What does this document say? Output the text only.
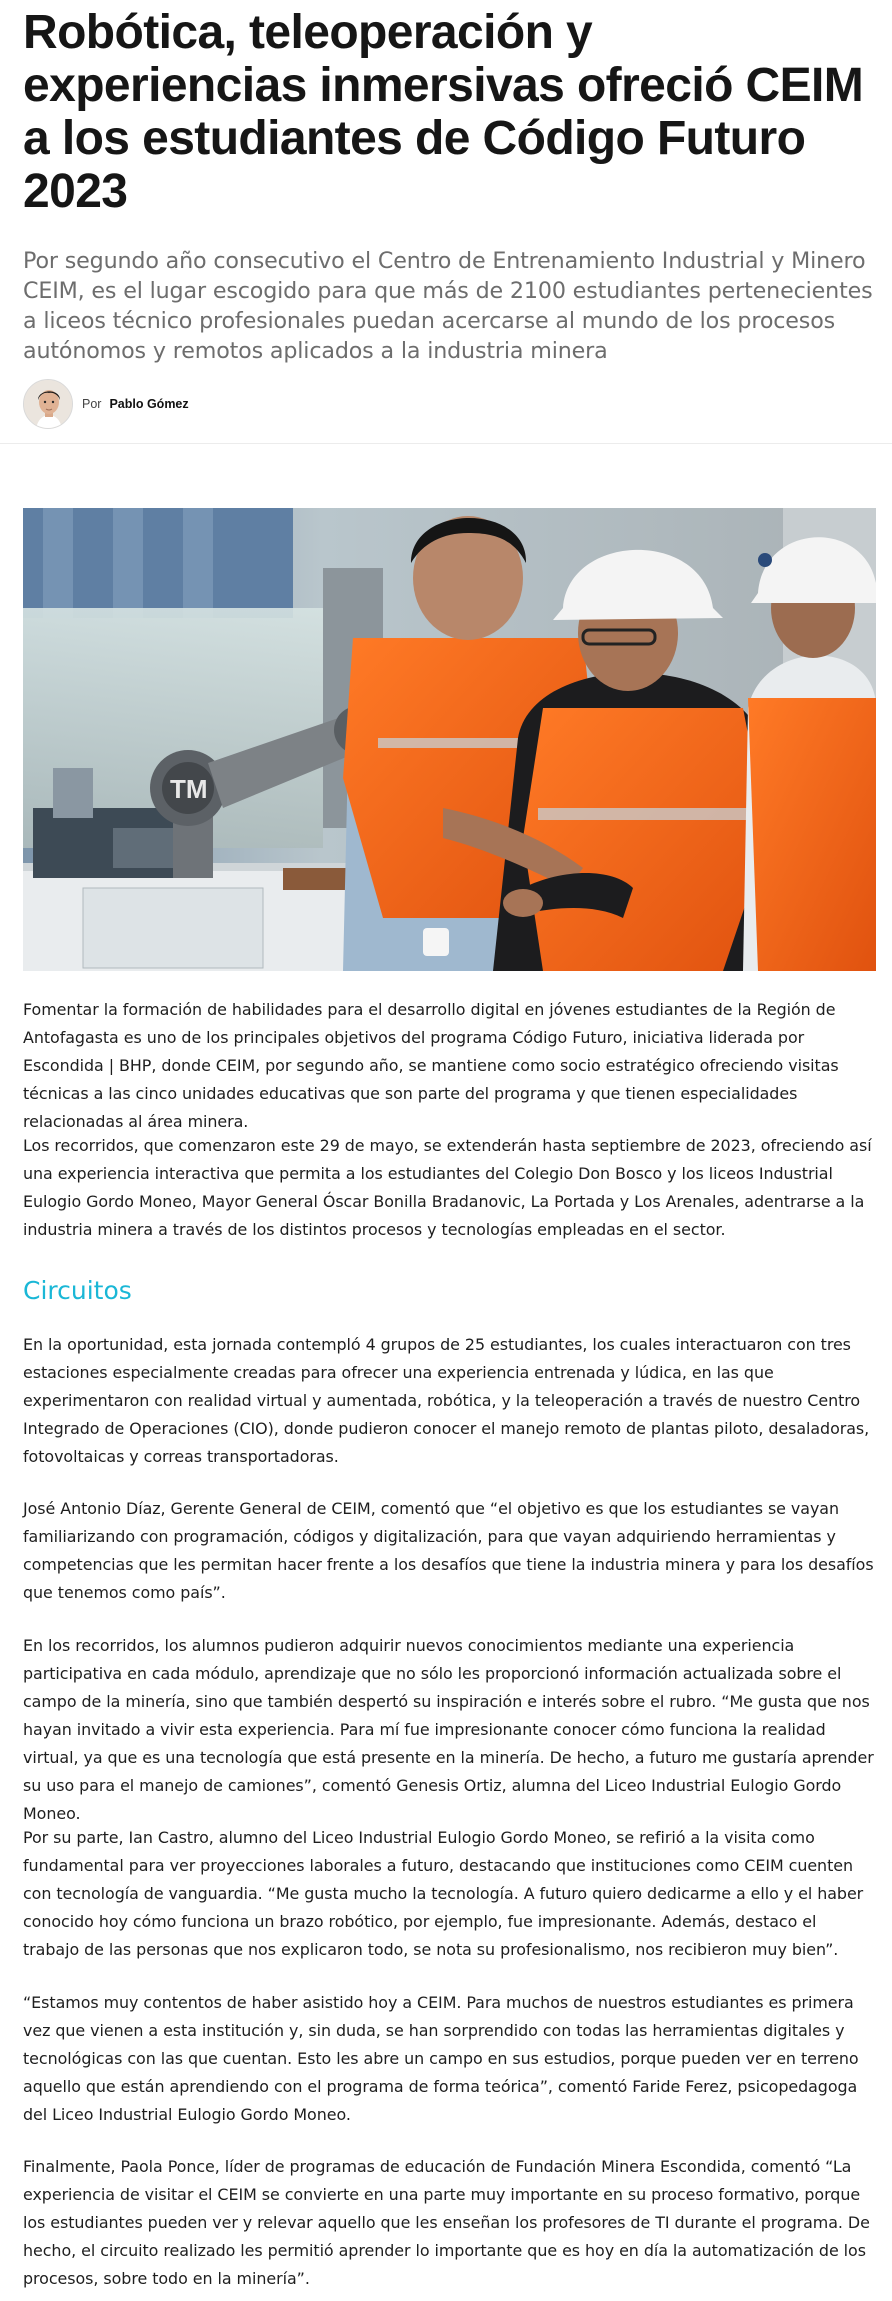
Robótica, teleoperación y experiencias inmersivas ofreció CEIM a los estudiantes de Código Futuro 2023

Por segundo año consecutivo el Centro de Entrenamiento Industrial y Minero CEIM, es el lugar escogido para que más de 2100 estudiantes pertenecientes a liceos técnico profesionales puedan acercarse al mundo de los procesos autónomos y remotos aplicados a la industria minera

Por Pablo Gómez
TM

Fomentar la formación de habilidades para el desarrollo digital en jóvenes estudiantes de la Región de Antofagasta es uno de los principales objetivos del programa Código Futuro, iniciativa liderada por Escondida | BHP, donde CEIM, por segundo año, se mantiene como socio estratégico ofreciendo visitas técnicas a las cinco unidades educativas que son parte del programa y que tienen especialidades relacionadas al área minera.

Los recorridos, que comenzaron este 29 de mayo, se extenderán hasta septiembre de 2023, ofreciendo así una experiencia interactiva que permita a los estudiantes del Colegio Don Bosco y los liceos Industrial Eulogio Gordo Moneo, Mayor General Óscar Bonilla Bradanovic, La Portada y Los Arenales, adentrarse a la industria minera a través de los distintos procesos y tecnologías empleadas en el sector.

Circuitos

En la oportunidad, esta jornada contempló 4 grupos de 25 estudiantes, los cuales interactuaron con tres estaciones especialmente creadas para ofrecer una experiencia entrenada y lúdica, en las que experimentaron con realidad virtual y aumentada, robótica, y la teleoperación a través de nuestro Centro Integrado de Operaciones (CIO), donde pudieron conocer el manejo remoto de plantas piloto, desaladoras, fotovoltaicas y correas transportadoras.

José Antonio Díaz, Gerente General de CEIM, comentó que “el objetivo es que los estudiantes se vayan familiarizando con programación, códigos y digitalización, para que vayan adquiriendo herramientas y competencias que les permitan hacer frente a los desafíos que tiene la industria minera y para los desafíos que tenemos como país”.

En los recorridos, los alumnos pudieron adquirir nuevos conocimientos mediante una experiencia participativa en cada módulo, aprendizaje que no sólo les proporcionó información actualizada sobre el campo de la minería, sino que también despertó su inspiración e interés sobre el rubro. “Me gusta que nos hayan invitado a vivir esta experiencia. Para mí fue impresionante conocer cómo funciona la realidad virtual, ya que es una tecnología que está presente en la minería. De hecho, a futuro me gustaría aprender su uso para el manejo de camiones”, comentó Genesis Ortiz, alumna del Liceo Industrial Eulogio Gordo Moneo.

Por su parte, Ian Castro, alumno del Liceo Industrial Eulogio Gordo Moneo, se refirió a la visita como fundamental para ver proyecciones laborales a futuro, destacando que instituciones como CEIM cuenten con tecnología de vanguardia. “Me gusta mucho la tecnología. A futuro quiero dedicarme a ello y el haber conocido hoy cómo funciona un brazo robótico, por ejemplo, fue impresionante. Además, destaco el trabajo de las personas que nos explicaron todo, se nota su profesionalismo, nos recibieron muy bien”.

“Estamos muy contentos de haber asistido hoy a CEIM. Para muchos de nuestros estudiantes es primera vez que vienen a esta institución y, sin duda, se han sorprendido con todas las herramientas digitales y tecnológicas con las que cuentan. Esto les abre un campo en sus estudios, porque pueden ver en terreno aquello que están aprendiendo con el programa de forma teórica”, comentó Faride Ferez, psicopedagoga del Liceo Industrial Eulogio Gordo Moneo.

Finalmente, Paola Ponce, líder de programas de educación de Fundación Minera Escondida, comentó “La experiencia de visitar el CEIM se convierte en una parte muy importante en su proceso formativo, porque los estudiantes pueden ver y relevar aquello que les enseñan los profesores de TI durante el programa. De hecho, el circuito realizado les permitió aprender lo importante que es hoy en día la automatización de los procesos, sobre todo en la minería”.
